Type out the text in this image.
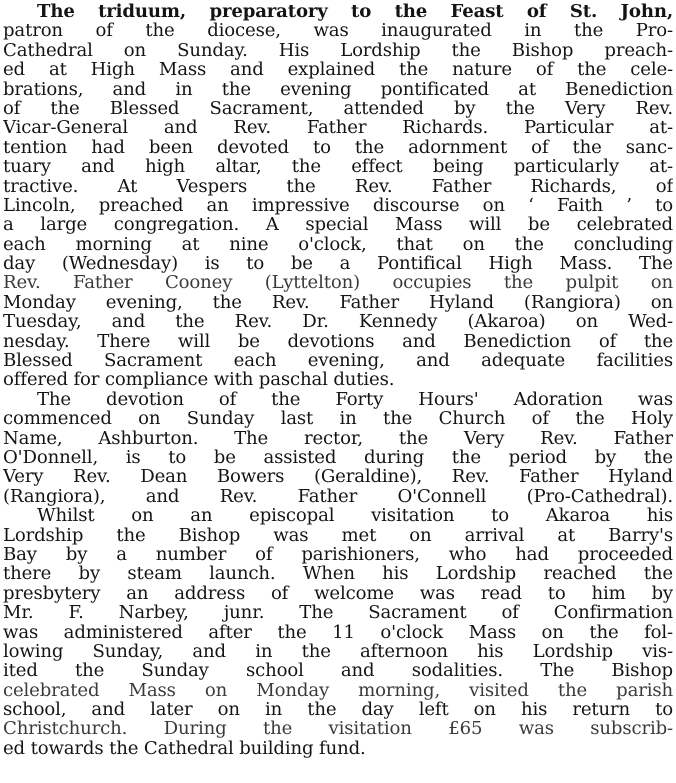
The triduum, preparatory to the Feast of St. John,
patron of the diocese, was inaugurated in the Pro-
Cathedral on Sunday. His Lordship the Bishop preach-
ed at High Mass and explained the nature of the cele-
brations, and in the evening pontificated at Benediction
of the Blessed Sacrament, attended by the Very Rev.
Vicar-General and Rev. Father Richards. Particular at-
tention had been devoted to the adornment of the sanc-
tuary and high altar, the effect being particularly at-
tractive. At Vespers the Rev. Father Richards, of
Lincoln, preached an impressive discourse on ‘ Faith ’ to
a large congregation. A special Mass will be celebrated
each morning at nine o'clock, that on the concluding
day (Wednesday) is to be a Pontifical High Mass. The
Rev. Father Cooney (Lyttelton) occupies the pulpit on
Monday evening, the Rev. Father Hyland (Rangiora) on
Tuesday, and the Rev. Dr. Kennedy (Akaroa) on Wed-
nesday. There will be devotions and Benediction of the
Blessed Sacrament each evening, and adequate facilities
offered for compliance with paschal duties.
The devotion of the Forty Hours' Adoration was
commenced on Sunday last in the Church of the Holy
Name, Ashburton. The rector, the Very Rev. Father
O'Donnell, is to be assisted during the period by the
Very Rev. Dean Bowers (Geraldine), Rev. Father Hyland
(Rangiora), and Rev. Father O'Connell (Pro-Cathedral).
Whilst on an episcopal visitation to Akaroa his
Lordship the Bishop was met on arrival at Barry's
Bay by a number of parishioners, who had proceeded
there by steam launch. When his Lordship reached the
presbytery an address of welcome was read to him by
Mr. F. Narbey, junr. The Sacrament of Confirmation
was administered after the 11 o'clock Mass on the fol-
lowing Sunday, and in the afternoon his Lordship vis-
ited the Sunday school and sodalities. The Bishop
celebrated Mass on Monday morning, visited the parish
school, and later on in the day left on his return to
Christchurch. During the visitation £65 was subscrib-
ed towards the Cathedral building fund.
